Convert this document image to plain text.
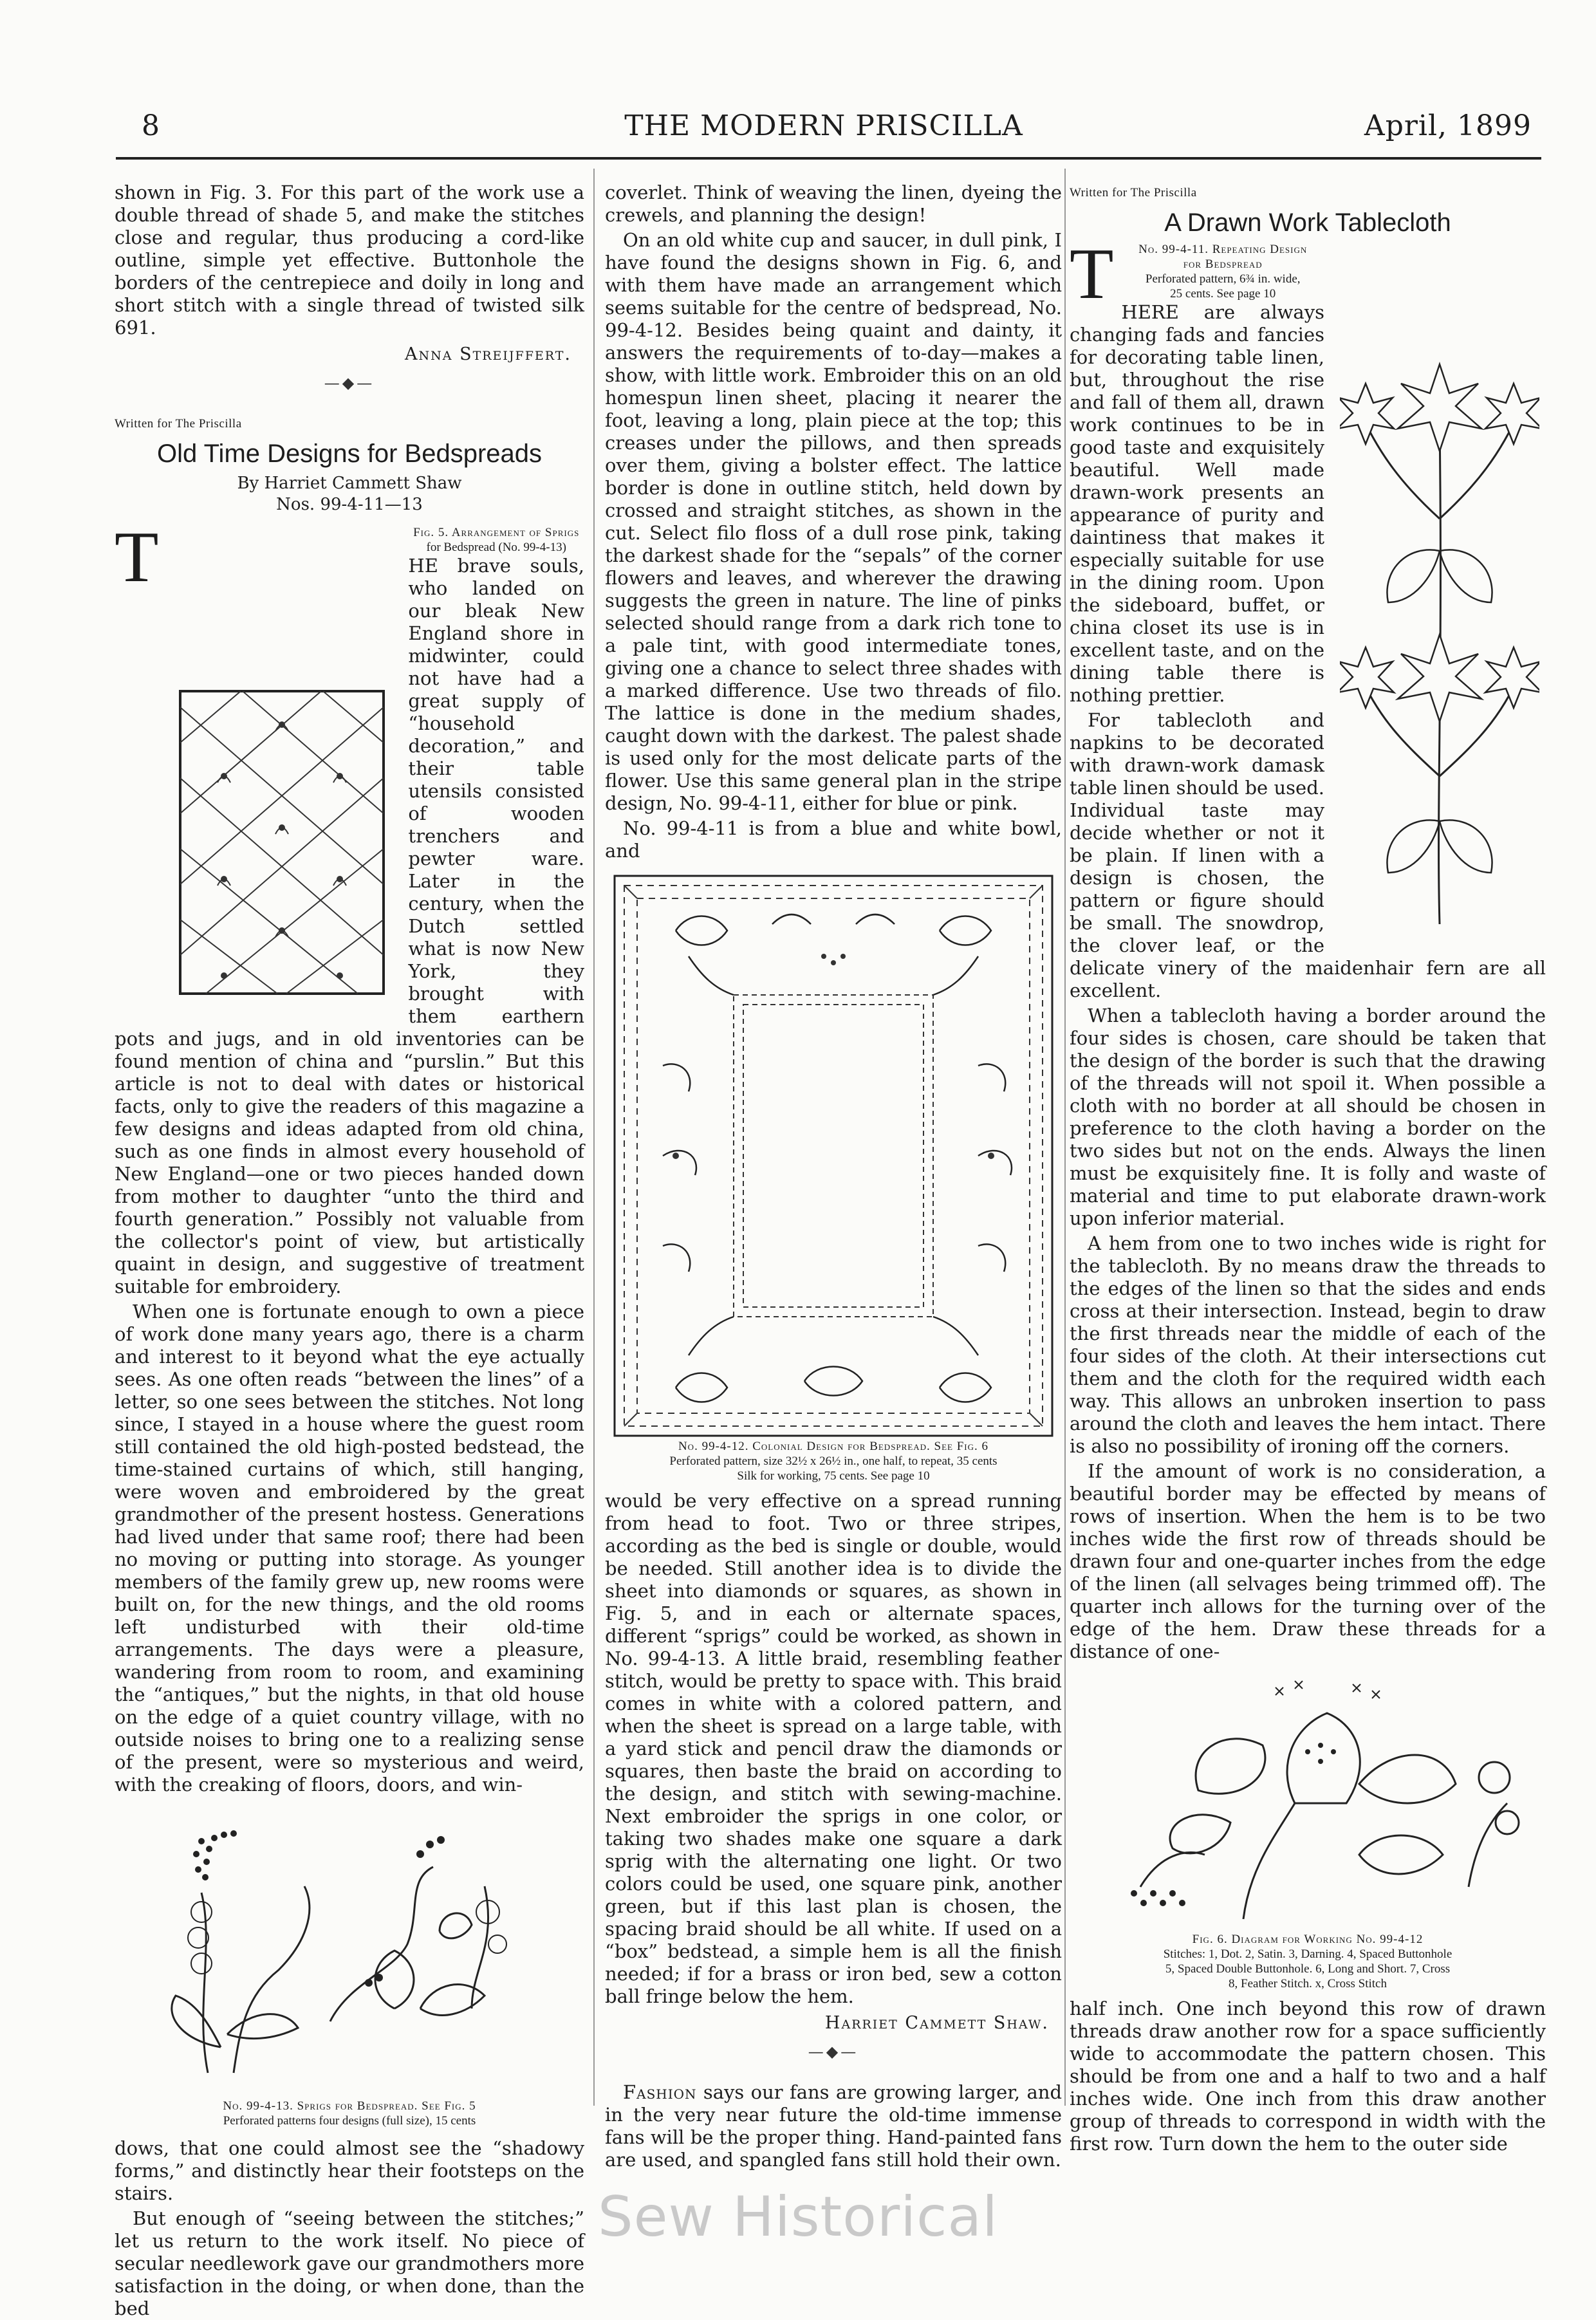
8	THE MODERN PRISCILLA	April, 1899

shown in Fig. 3. For this part of the work use a double thread of shade 5, and make the stitches close and regular, thus producing a cord-like outline, simple yet effective. Buttonhole the borders of the centrepiece and doily in long and short stitch with a single thread of twisted silk 691.

Anna Streijffert.
—◆—
Written for The Priscilla
Old Time Designs for Bedspreads
By Harriet Cammett Shaw
Nos. 99-4-11—13

T	Fig. 5. Arrangement of Sprigs
for Bedspread (No. 99-4-13)
HE brave souls, who landed on our bleak New England shore in midwinter, could not have had a great supply of “household decoration,” and their table utensils consisted of wooden trenchers and pewter ware. Later in the century, when the Dutch settled what is now New York, they brought with them earthern pots and jugs, and in old inventories can be found mention of china and “purslin.” But this article is not to deal with dates or historical facts, only to give the readers of this magazine a few designs and ideas adapted from old china, such as one finds in almost every household of New England—one or two pieces handed down from mother to daughter “unto the third and fourth generation.” Possibly not valuable from the collector's point of view, but artistically quaint in design, and suggestive of treatment suitable for embroidery.

When one is fortunate enough to own a piece of work done many years ago, there is a charm and interest to it beyond what the eye actually sees. As one often reads “between the lines” of a letter, so one sees between the stitches. Not long since, I stayed in a house where the guest room still contained the old high-posted bedstead, the time-stained curtains of which, still hanging, were woven and embroidered by the great grandmother of the present hostess. Generations had lived under that same roof; there had been no moving or putting into storage. As younger members of the family grew up, new rooms were built on, for the new things, and the old rooms left undisturbed with their old-time arrangements. The days were a pleasure, wandering from room to room, and examining the “antiques,” but the nights, in that old house on the edge of a quiet country village, with no outside noises to bring one to a realizing sense of the present, were so mysterious and weird, with the creaking of floors, doors, and win-

No. 99-4-13. Sprigs for Bedspread. See Fig. 5
Perforated patterns four designs (full size), 15 cents

dows, that one could almost see the “shadowy forms,” and distinctly hear their footsteps on the stairs.

But enough of “seeing between the stitches;” let us return to the work itself. No piece of secular needlework gave our grandmothers more satisfaction in the doing, or when done, than the bed

coverlet. Think of weaving the linen, dyeing the crewels, and planning the design!

On an old white cup and saucer, in dull pink, I have found the designs shown in Fig. 6, and with them have made an arrangement which seems suitable for the centre of bedspread, No. 99-4-12. Besides being quaint and dainty, it answers the requirements of to-day—makes a show, with little work. Embroider this on an old homespun linen sheet, placing it nearer the foot, leaving a long, plain piece at the top; this creases under the pillows, and then spreads over them, giving a bolster effect. The lattice border is done in outline stitch, held down by crossed and straight stitches, as shown in the cut. Select filo floss of a dull rose pink, taking the darkest shade for the “sepals” of the corner flowers and leaves, and wherever the drawing suggests the green in nature. The line of pinks selected should range from a dark rich tone to a pale tint, with good intermediate tones, giving one a chance to select three shades with a marked difference. Use two threads of filo. The lattice is done in the medium shades, caught down with the darkest. The palest shade is used only for the most delicate parts of the flower. Use this same general plan in the stripe design, No. 99-4-11, either for blue or pink.

No. 99-4-11 is from a blue and white bowl, and

No. 99-4-12. Colonial Design for Bedspread. See Fig. 6
Perforated pattern, size 32½ x 26½ in., one half, to repeat, 35 cents
Silk for working, 75 cents. See page 10

would be very effective on a spread running from head to foot. Two or three stripes, according as the bed is single or double, would be needed. Still another idea is to divide the sheet into diamonds or squares, as shown in Fig. 5, and in each or alternate spaces, different “sprigs” could be worked, as shown in No. 99-4-13. A little braid, resembling feather stitch, would be pretty to space with. This braid comes in white with a colored pattern, and when the sheet is spread on a large table, with a yard stick and pencil draw the diamonds or squares, then baste the braid on according to the design, and stitch with sewing-machine. Next embroider the sprigs in one color, or taking two shades make one square a dark sprig with the alternating one light. Or two colors could be used, one square pink, another green, but if this last plan is chosen, the spacing braid should be all white. If used on a “box” bedstead, a simple hem is all the finish needed; if for a brass or iron bed, sew a cotton ball fringe below the hem.

Harriet Cammett Shaw.
—◆—

Fashion says our fans are growing larger, and in the very near future the old-time immense fans will be the proper thing. Hand-painted fans are used, and spangled fans still hold their own.

Written for The Priscilla
A Drawn Work Tablecloth

T	No. 99-4-11. Repeating Design
for Bedspread
Perforated pattern, 6¾ in. wide,
25 cents. See page 10
HERE are always changing fads and fancies for decorating table linen, but, throughout the rise and fall of them all, drawn work continues to be in good taste and exquisitely beautiful. Well made drawn-work presents an appearance of purity and daintiness that makes it especially suitable for use in the dining room. Upon the sideboard, buffet, or china closet its use is in excellent taste, and on the dining table there is nothing prettier.

For tablecloth and napkins to be decorated with drawn-work damask table linen should be used. Individual taste may decide whether or not it be plain. If linen with a design is chosen, the pattern or figure should be small. The snowdrop, the clover leaf, or the delicate vinery of the maidenhair fern are all excellent.

When a tablecloth having a border around the four sides is chosen, care should be taken that the design of the border is such that the drawing of the threads will not spoil it. When possible a cloth with no border at all should be chosen in preference to the cloth having a border on the two sides but not on the ends. Always the linen must be exquisitely fine. It is folly and waste of material and time to put elaborate drawn-work upon inferior material.

A hem from one to two inches wide is right for the tablecloth. By no means draw the threads to the edges of the linen so that the sides and ends cross at their intersection. Instead, begin to draw the first threads near the middle of each of the four sides of the cloth. At their intersections cut them and the cloth for the required width each way. This allows an unbroken insertion to pass around the cloth and leaves the hem intact. There is also no possibility of ironing off the corners.

If the amount of work is no consideration, a beautiful border may be effected by means of rows of insertion. When the hem is to be two inches wide the first row of threads should be drawn four and one-quarter inches from the edge of the linen (all selvages being trimmed off). The quarter inch allows for the turning over of the edge of the hem. Draw these threads for a distance of one-

Fig. 6. Diagram for Working No. 99-4-12
Stitches: 1, Dot. 2, Satin. 3, Darning. 4, Spaced Buttonhole
5, Spaced Double Buttonhole. 6, Long and Short. 7, Cross
8, Feather Stitch. x, Cross Stitch

half inch. One inch beyond this row of drawn threads draw another row for a space sufficiently wide to accommodate the pattern chosen. This should be from one and a half to two and a half inches wide. One inch from this draw another group of threads to correspond in width with the first row. Turn down the hem to the outer side

Sew Historical
